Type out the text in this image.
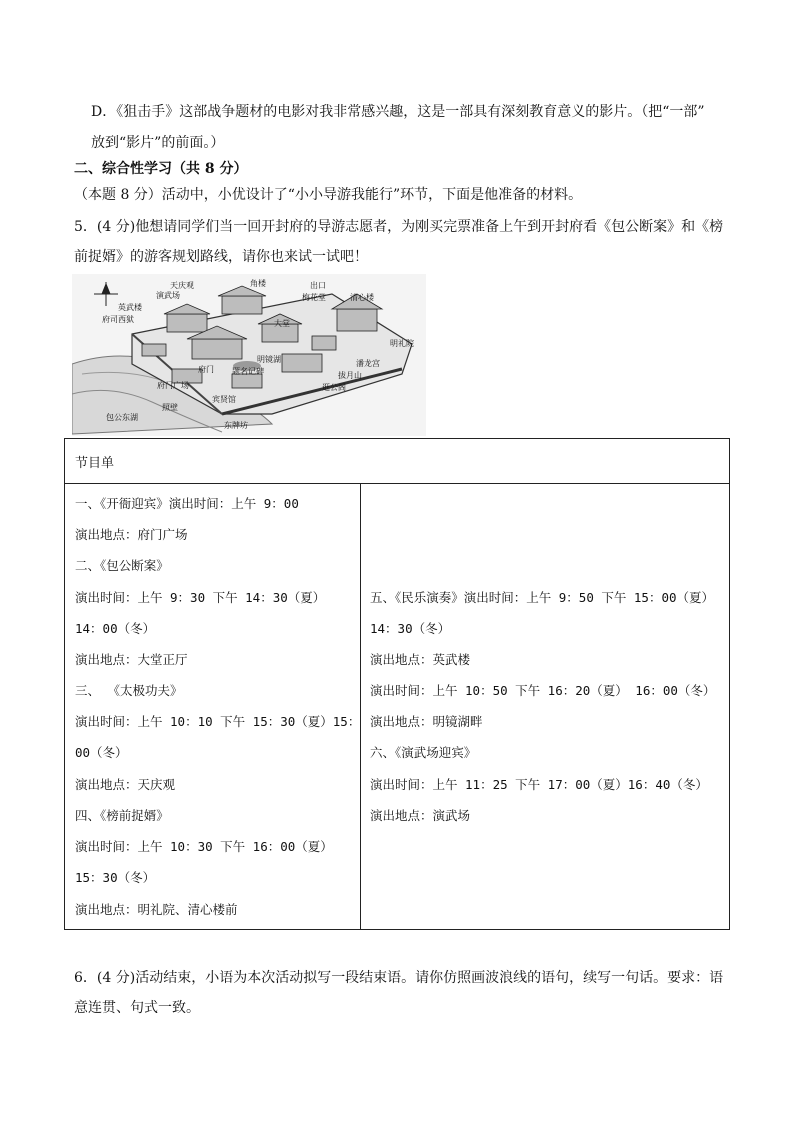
D．《狙击手》这部战争题材的电影对我非常感兴趣，这是一部具有深刻教育意义的影片。（把“一部”
放到“影片”的前面。）
二、综合性学习（共 8 分）
（本题 8 分）活动中，小优设计了“小小导游我能行”环节，下面是他准备的材料。
5．(4 分)他想请同学们当一回开封府的导游志愿者，为刚买完票准备上午到开封府看《包公断案》和《榜
前捉婿》的游客规划路线，请你也来试一试吧！
天庆观	角楼
演武场
出口
梅花堂	清心楼
英武楼
府司西狱
明礼院
大堂
明镜湖
题名记碑
府门
府门广场
宾贤馆
照壁
包公东湖
东牌坊
潘龙宫
拔月山
逛公阁
节目单
一、《开衙迎宾》演出时间：上午 9：00
演出地点：府门广场
二、《包公断案》
演出时间：上午 9：30 下午 14：30（夏）
14：00（冬）
演出地点：大堂正厅
三、 《太极功夫》
演出时间：上午 10：10 下午 15：30（夏）15：
00（冬）
演出地点：天庆观
四、《榜前捉婿》
演出时间：上午 10：30 下午 16：00（夏）
15：30（冬）
演出地点：明礼院、清心楼前
五、《民乐演奏》演出时间：上午 9：50 下午 15：00（夏）
14：30（冬）
演出地点：英武楼
演出时间：上午 10：50 下午 16：20（夏） 16：00（冬）
演出地点：明镜湖畔
六、《演武场迎宾》
演出时间：上午 11：25 下午 17：00（夏）16：40（冬）
演出地点：演武场
6．(4 分)活动结束，小语为本次活动拟写一段结束语。请你仿照画波浪线的语句，续写一句话。要求：语
意连贯、句式一致。
